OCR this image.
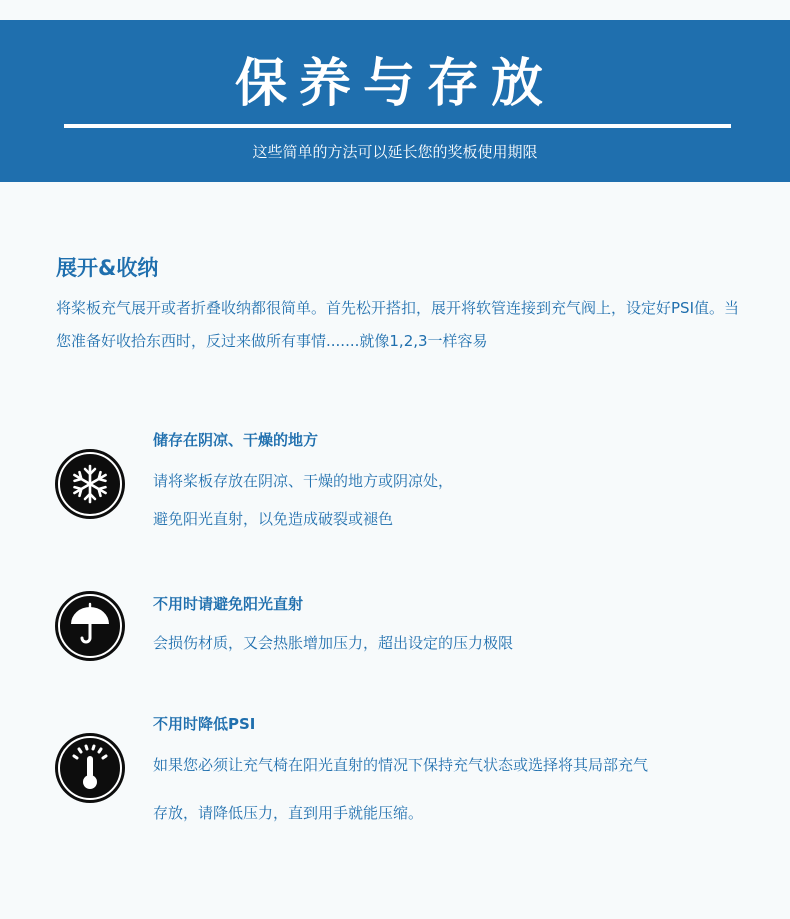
保养与存放
这些简单的方法可以延长您的奖板使用期限
展开&收纳
将桨板充气展开或者折叠收纳都很简单。首先松开搭扣，展开将软管连接到充气阀上，设定好PSI值。当您准备好收拾东西时，反过来做所有事情.......就像1,2,3一样容易
储存在阴凉、干燥的地方

请将桨板存放在阴凉、干燥的地方或阴凉处，

避免阳光直射，以免造成破裂或褪色

不用时请避免阳光直射

会损伤材质，又会热胀增加压力，超出设定的压力极限

不用时降低PSI

如果您必须让充气椅在阳光直射的情况下保持充气状态或选择将其局部充气

存放，请降低压力，直到用手就能压缩。
